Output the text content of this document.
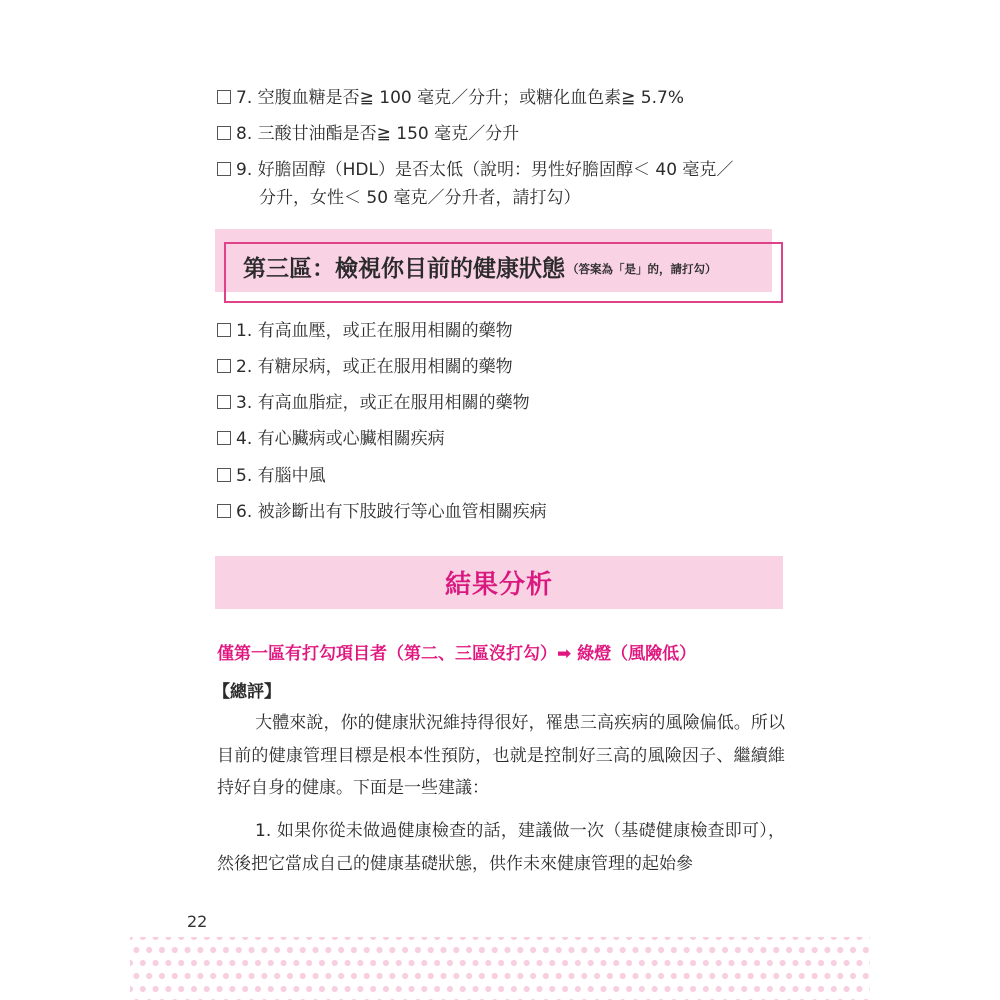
7. 空腹血糖是否≧ 100 毫克／分升；或糖化血色素≧ 5.7%
8. 三酸甘油酯是否≧ 150 毫克／分升
9. 好膽固醇（HDL）是否太低（說明：男性好膽固醇＜ 40 毫克／
分升，女性＜ 50 毫克／分升者，請打勾）
第三區：檢視你目前的健康狀態 （答案為「是」的，請打勾）
1. 有高血壓，或正在服用相關的藥物
2. 有糖尿病，或正在服用相關的藥物
3. 有高血脂症，或正在服用相關的藥物
4. 有心臟病或心臟相關疾病
5. 有腦中風
6. 被診斷出有下肢跛行等心血管相關疾病
結果分析
僅第一區有打勾項目者（第二、三區沒打勾）➡ 綠燈（風險低）
【總評】
大體來說，你的健康狀況維持得很好，罹患三高疾病的風險偏低。所以目前的健康管理目標是根本性預防，也就是控制好三高的風險因子、繼續維持好自身的健康。下面是一些建議：
1. 如果你從未做過健康檢查的話，建議做一次（基礎健康檢查即可），然後把它當成自己的健康基礎狀態，供作未來健康管理的起始參
22
